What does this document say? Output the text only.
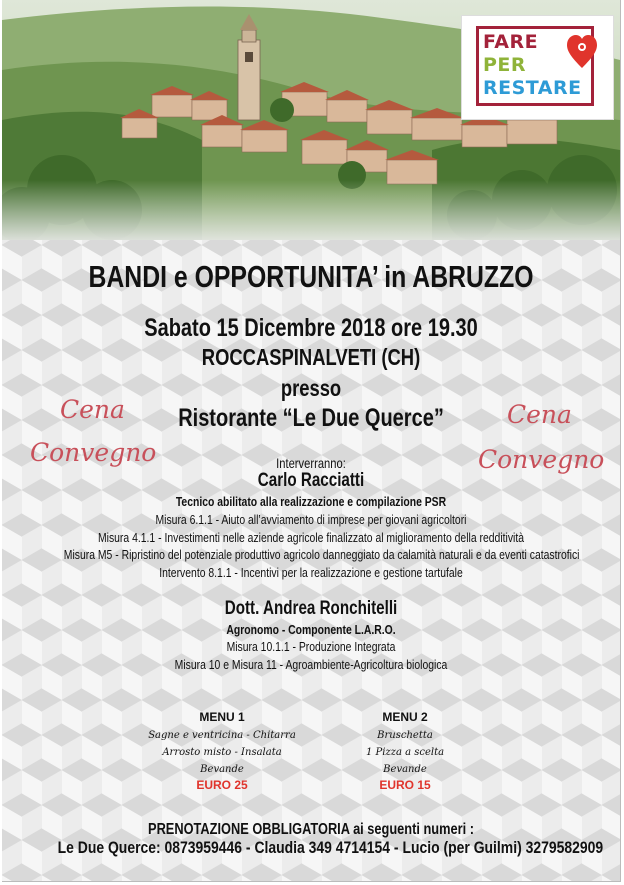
FARE
PER
RESTARE
BANDI e OPPORTUNITA’ in ABRUZZO
Sabato 15 Dicembre 2018 ore 19.30
ROCCASPINALVETI (CH)
presso
Ristorante “Le Due Querce”
Cena
Convegno
Cena
Convegno
Interverranno:
Carlo Racciatti
Tecnico abilitato alla realizzazione e compilazione PSR
Misura 6.1.1 - Aiuto all’avviamento di imprese per giovani agricoltori
Misura 4.1.1 - Investimenti nelle aziende agricole finalizzato al miglioramento della redditività
Misura M5 - Ripristino del potenziale produttivo agricolo danneggiato da calamità naturali e da eventi catastrofici
Intervento 8.1.1 - Incentivi per la realizzazione e gestione tartufale
Dott. Andrea Ronchitelli
Agronomo - Componente L.A.R.O.
Misura 10.1.1 - Produzione Integrata
Misura 10 e Misura 11 - Agroambiente-Agricoltura biologica
MENU 1
Sagne e ventricina - Chitarra
Arrosto misto - Insalata
Bevande
EURO 25
MENU 2
Bruschetta
1 Pizza a scelta
Bevande
EURO 15
PRENOTAZIONE OBBLIGATORIA ai seguenti numeri :
Le Due Querce: 0873959446 - Claudia 349 4714154 - Lucio (per Guilmi) 3279582909
